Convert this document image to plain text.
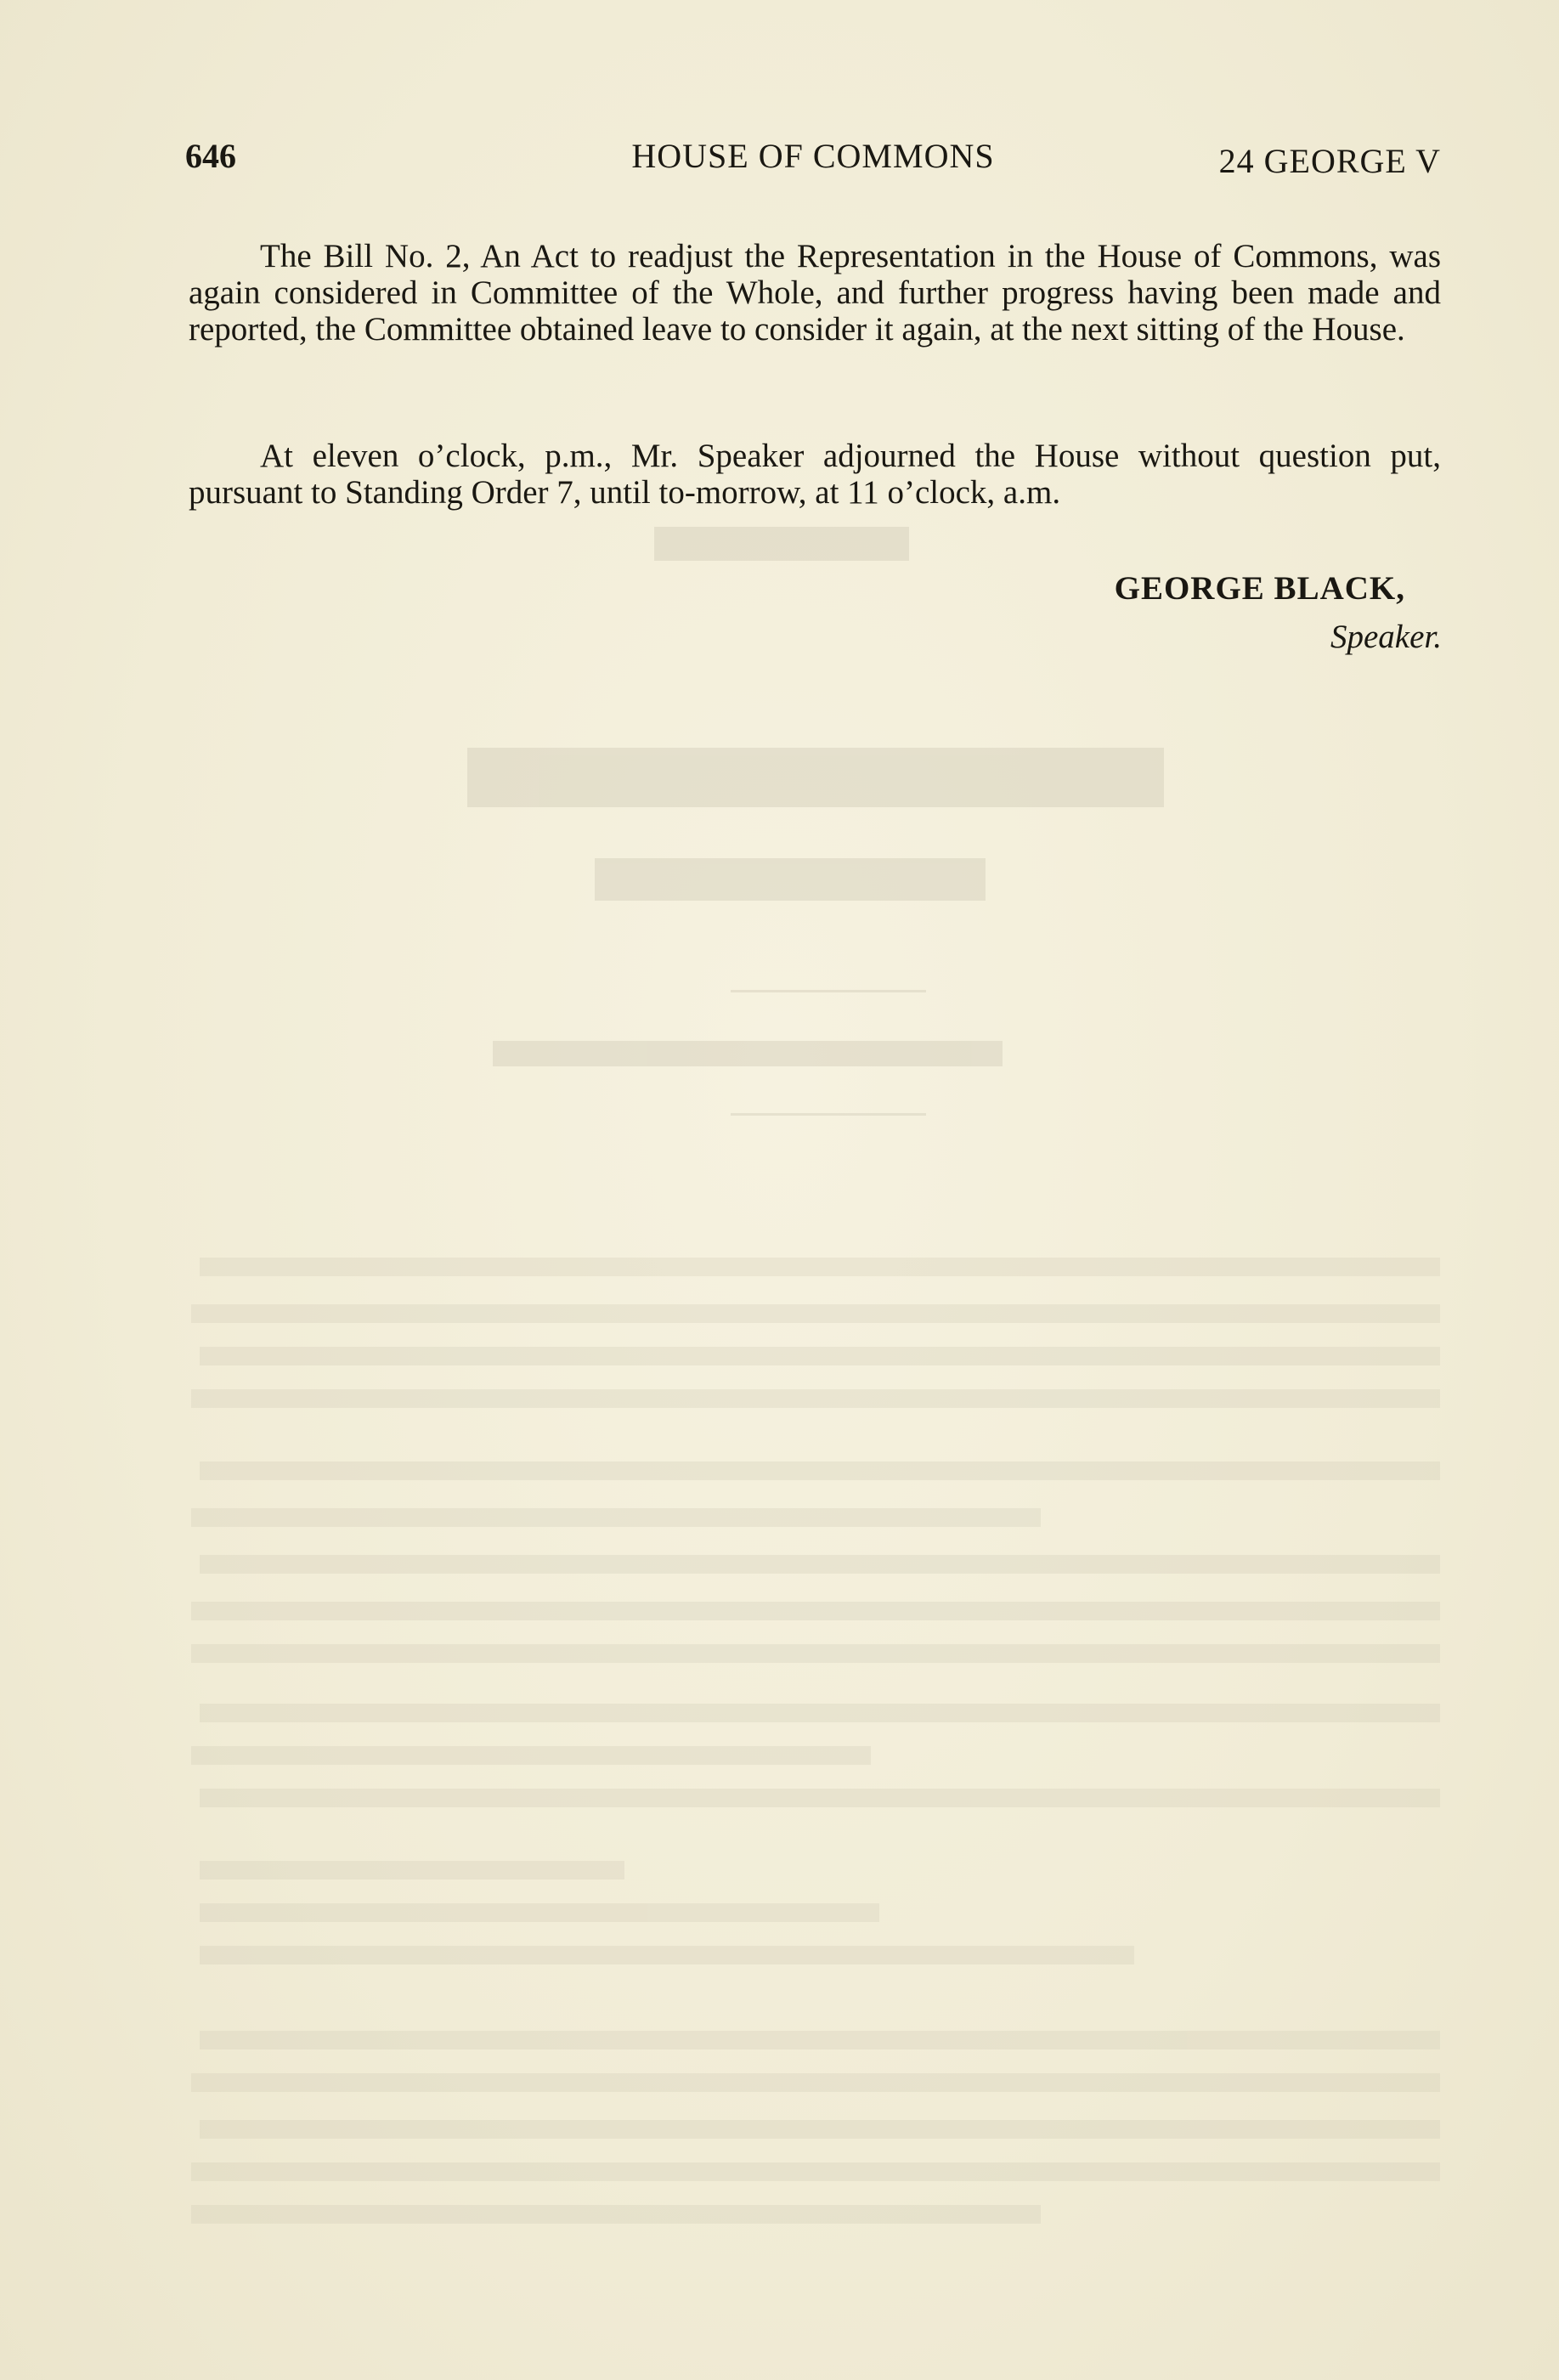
646	HOUSE OF COMMONS	24 GEORGE V

The Bill No. 2, An Act to readjust the Representation in the House of Commons, was again considered in Committee of the Whole, and further progress having been made and reported, the Committee obtained leave to consider it again, at the next sitting of the House.

At eleven o’clock, p.m., Mr. Speaker adjourned the House without question put, pursuant to Standing Order 7, until to-morrow, at 11 o’clock, a.m.

GEORGE BLACK,
Speaker.
